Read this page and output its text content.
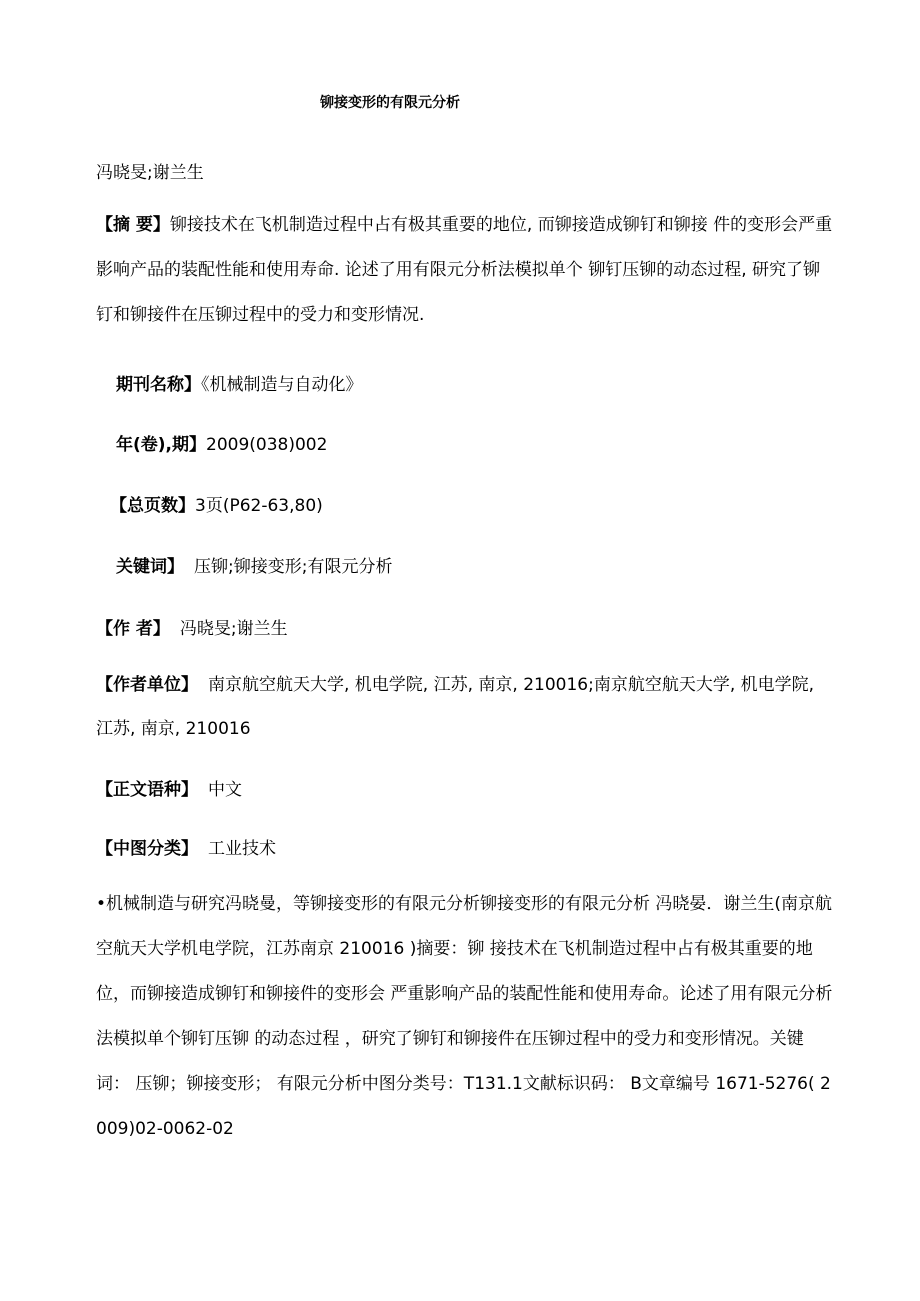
铆接变形的有限元分析
冯晓旻;谢兰生
【摘 要】铆接技术在飞机制造过程中占有极其重要的地位, 而铆接造成铆钉和铆接 件的变形会严重影响产品的装配性能和使用寿命. 论述了用有限元分析法模拟单个 铆钉压铆的动态过程, 研究了铆钉和铆接件在压铆过程中的受力和变形情况.
期刊名称】《机械制造与自动化》
年(卷),期】2009(038)002
【总页数】3页(P62-63,80)
关键词】 压铆;铆接变形;有限元分析
【作 者】 冯晓旻;谢兰生
【作者单位】 南京航空航天大学, 机电学院, 江苏, 南京, 210016;南京航空航天大学, 机电学院, 江苏, 南京, 210016
【正文语种】 中文
【中图分类】 工业技术
•机械制造与研究冯晓曼，等铆接变形的有限元分析铆接变形的有限元分析 冯晓晏．谢兰生(南京航空航天大学机电学院，江苏南京 210016 )摘要：铆 接技术在飞机制造过程中占有极其重要的地位，而铆接造成铆钉和铆接件的变形会 严重影响产品的装配性能和使用寿命。论述了用有限元分析法模拟单个铆钉压铆 的动态过程 ，研究了铆钉和铆接件在压铆过程中的受力和变形情况。关键词： 压铆；铆接变形； 有限元分析中图分类号：T131.1文献标识码： B文章编号 1671-5276( 2009)02-0062-02
